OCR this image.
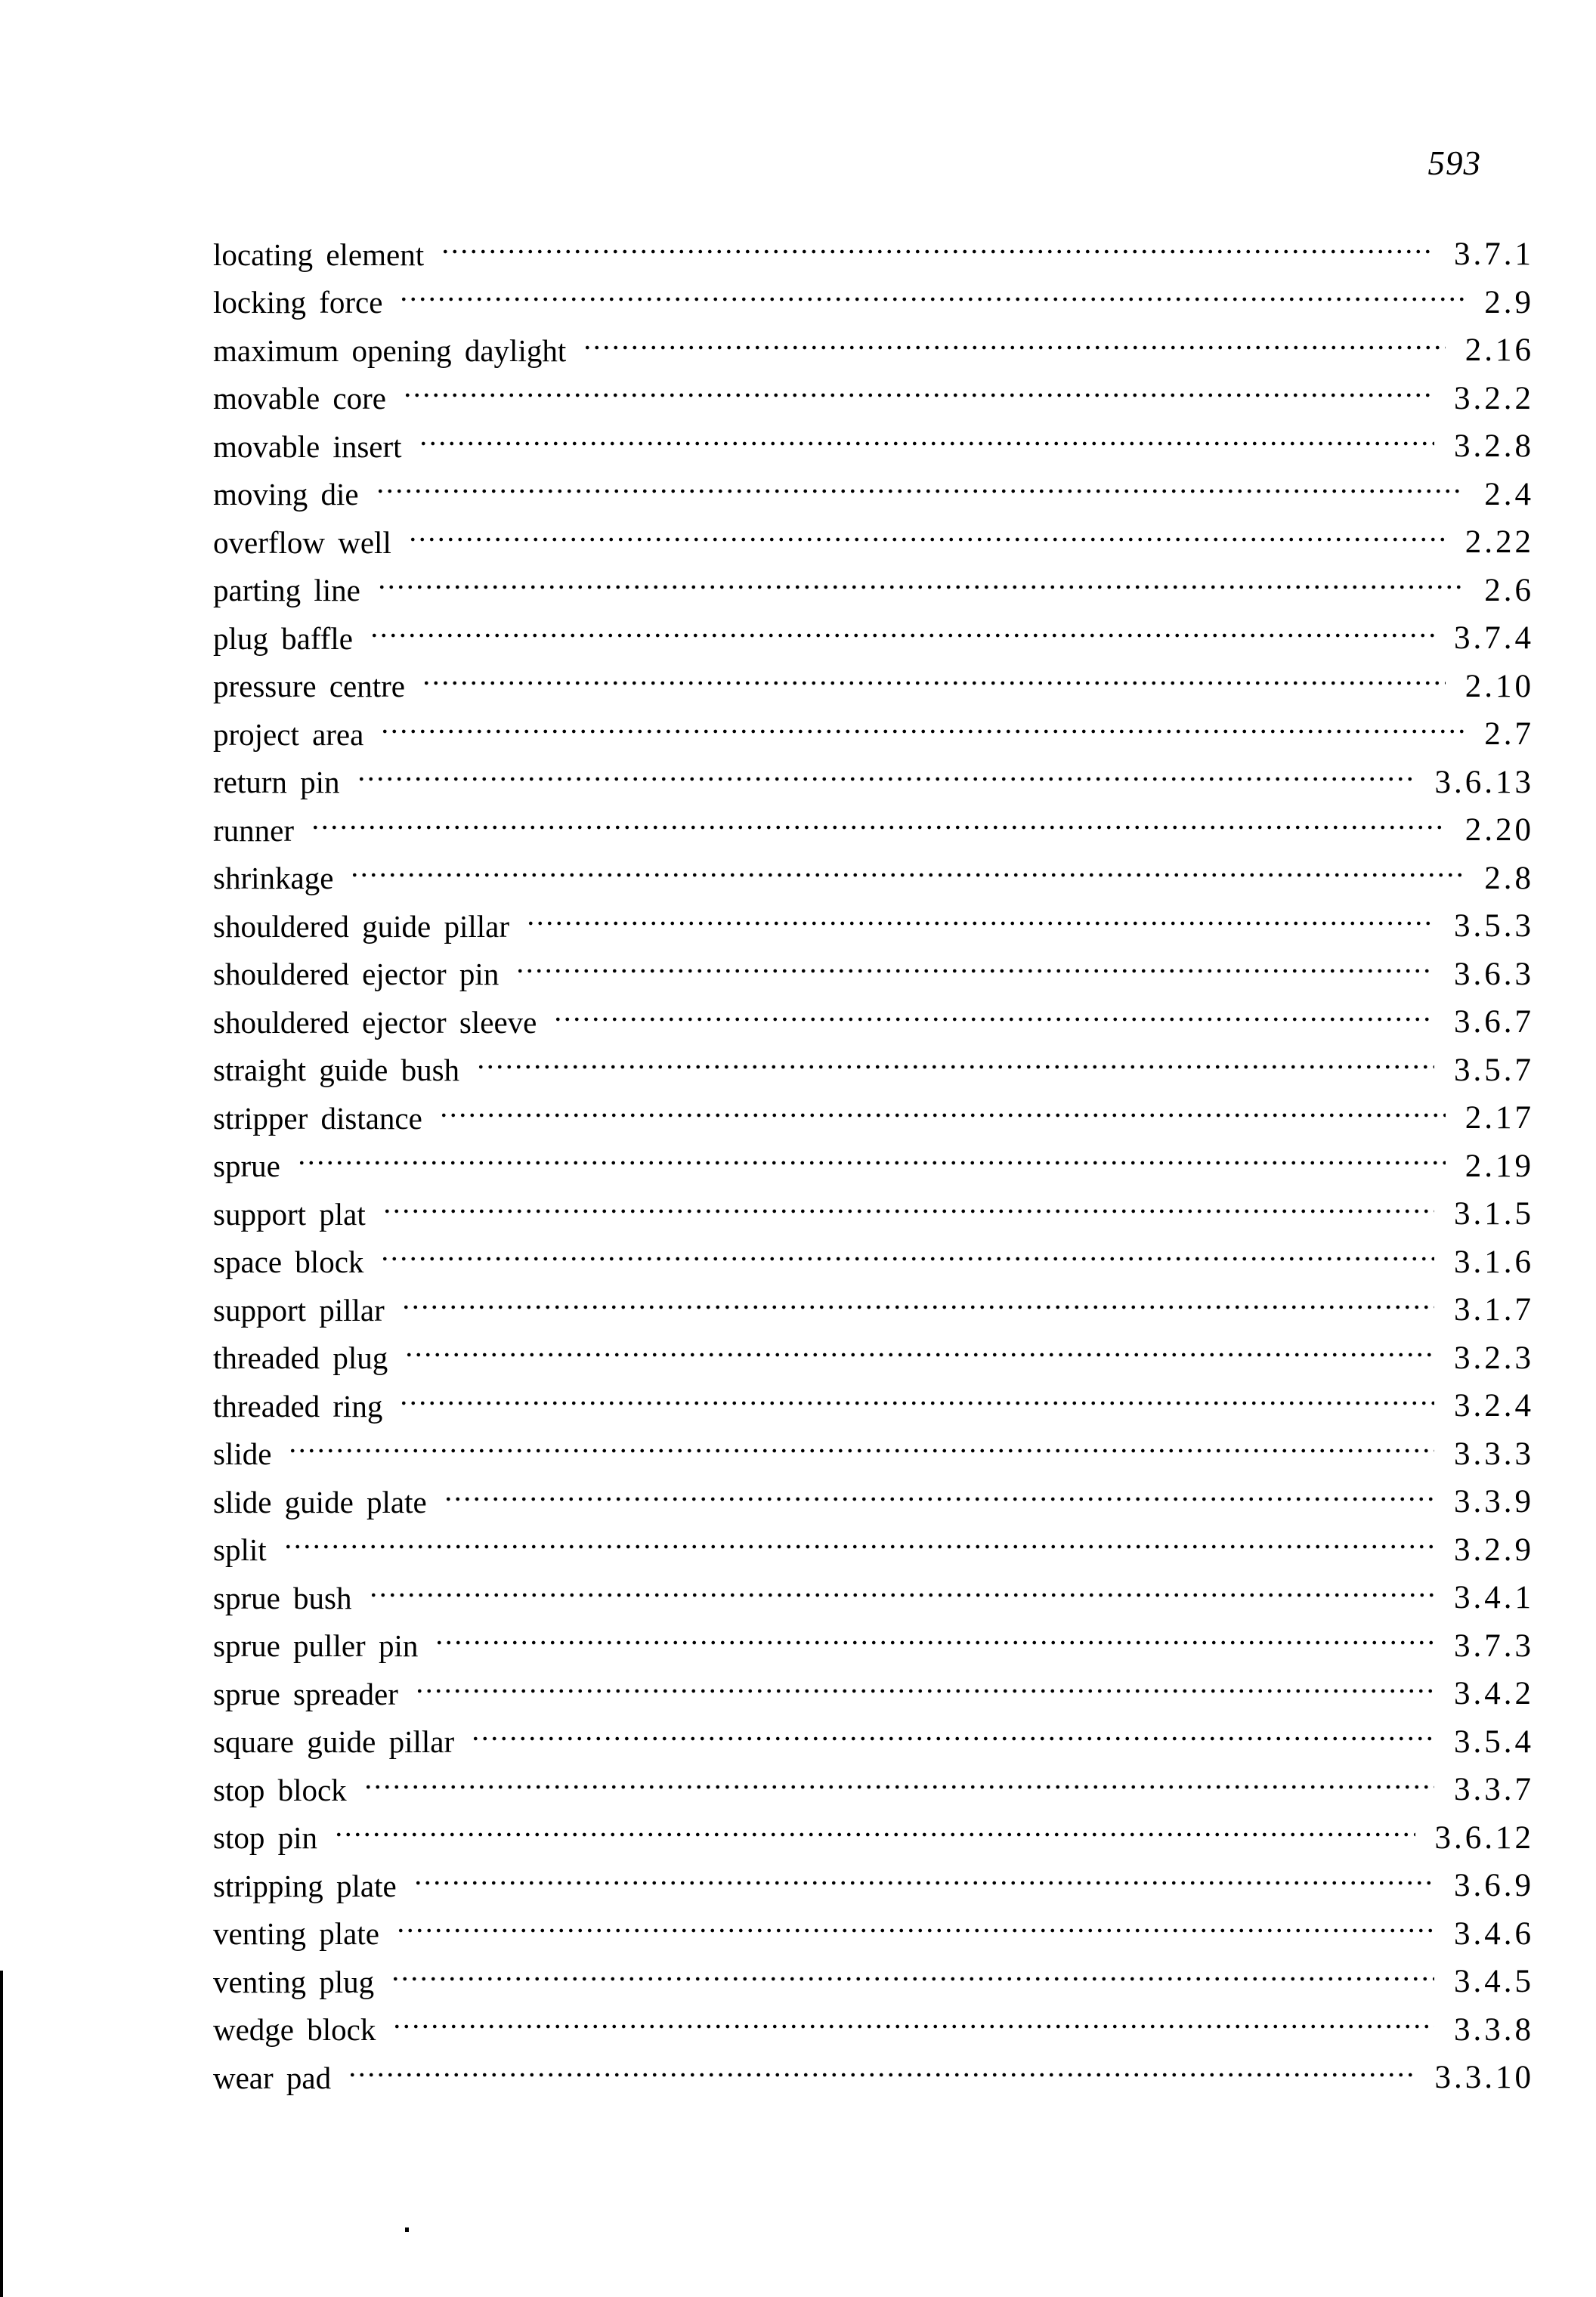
593
locating element	3.7.1
locking force	2.9
maximum opening daylight	2.16
movable core	3.2.2
movable insert	3.2.8
moving die	2.4
overflow well	2.22
parting line	2.6
plug baffle	3.7.4
pressure centre	2.10
project area	2.7
return pin	3.6.13
runner	2.20
shrinkage	2.8
shouldered guide pillar	3.5.3
shouldered ejector pin	3.6.3
shouldered ejector sleeve	3.6.7
straight guide bush	3.5.7
stripper distance	2.17
sprue	2.19
support plat	3.1.5
space block	3.1.6
support pillar	3.1.7
threaded plug	3.2.3
threaded ring	3.2.4
slide	3.3.3
slide guide plate	3.3.9
split	3.2.9
sprue bush	3.4.1
sprue puller pin	3.7.3
sprue spreader	3.4.2
square guide pillar	3.5.4
stop block	3.3.7
stop pin	3.6.12
stripping plate	3.6.9
venting plate	3.4.6
venting plug	3.4.5
wedge block	3.3.8
wear pad	3.3.10
